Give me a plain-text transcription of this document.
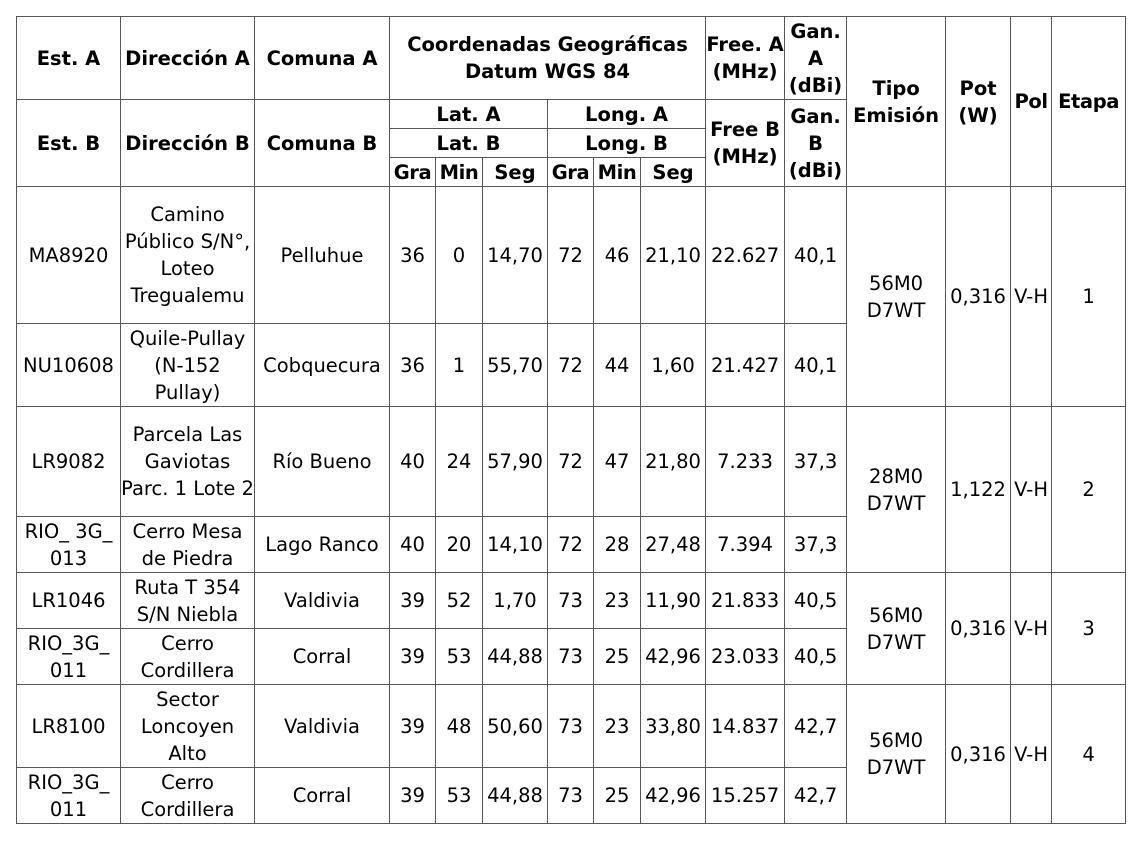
Est. A	Dirección A	Comuna A	Coordenadas Geográficas Datum WGS 84						Free. A (MHz)	Gan. A (dBi)	Tipo Emisión	Pot (W)	Pol	Etapa
Est. B	Dirección B	Comuna B	Lat. A			Long. A			Free B (MHz)	Gan. B (dBi)				
			Lat. B			Long. B								
			Gra	Min	Seg	Gra	Min	Seg						
MA8920	Camino Público S/N°, Loteo Tregualemu	Pelluhue	36	0	14,70	72	46	21,10	22.627	40,1	56M0 D7WT	0,316	V-H	1
NU10608	Quile-Pullay (N-152 Pullay)	Cobquecura	36	1	55,70	72	44	1,60	21.427	40,1				
LR9082	Parcela Las Gaviotas Parc. 1 Lote 2	Río Bueno	40	24	57,90	72	47	21,80	7.233	37,3	28M0 D7WT	1,122	V-H	2
RIO_ 3G_ 013	Cerro Mesa de Piedra	Lago Ranco	40	20	14,10	72	28	27,48	7.394	37,3				
LR1046	Ruta T 354 S/N Niebla	Valdivia	39	52	1,70	73	23	11,90	21.833	40,5	56M0 D7WT	0,316	V-H	3
RIO_3G_ 011	Cerro Cordillera	Corral	39	53	44,88	73	25	42,96	23.033	40,5				
LR8100	Sector Loncoyen Alto	Valdivia	39	48	50,60	73	23	33,80	14.837	42,7	56M0 D7WT	0,316	V-H	4
RIO_3G_ 011	Cerro Cordillera	Corral	39	53	44,88	73	25	42,96	15.257	42,7				
